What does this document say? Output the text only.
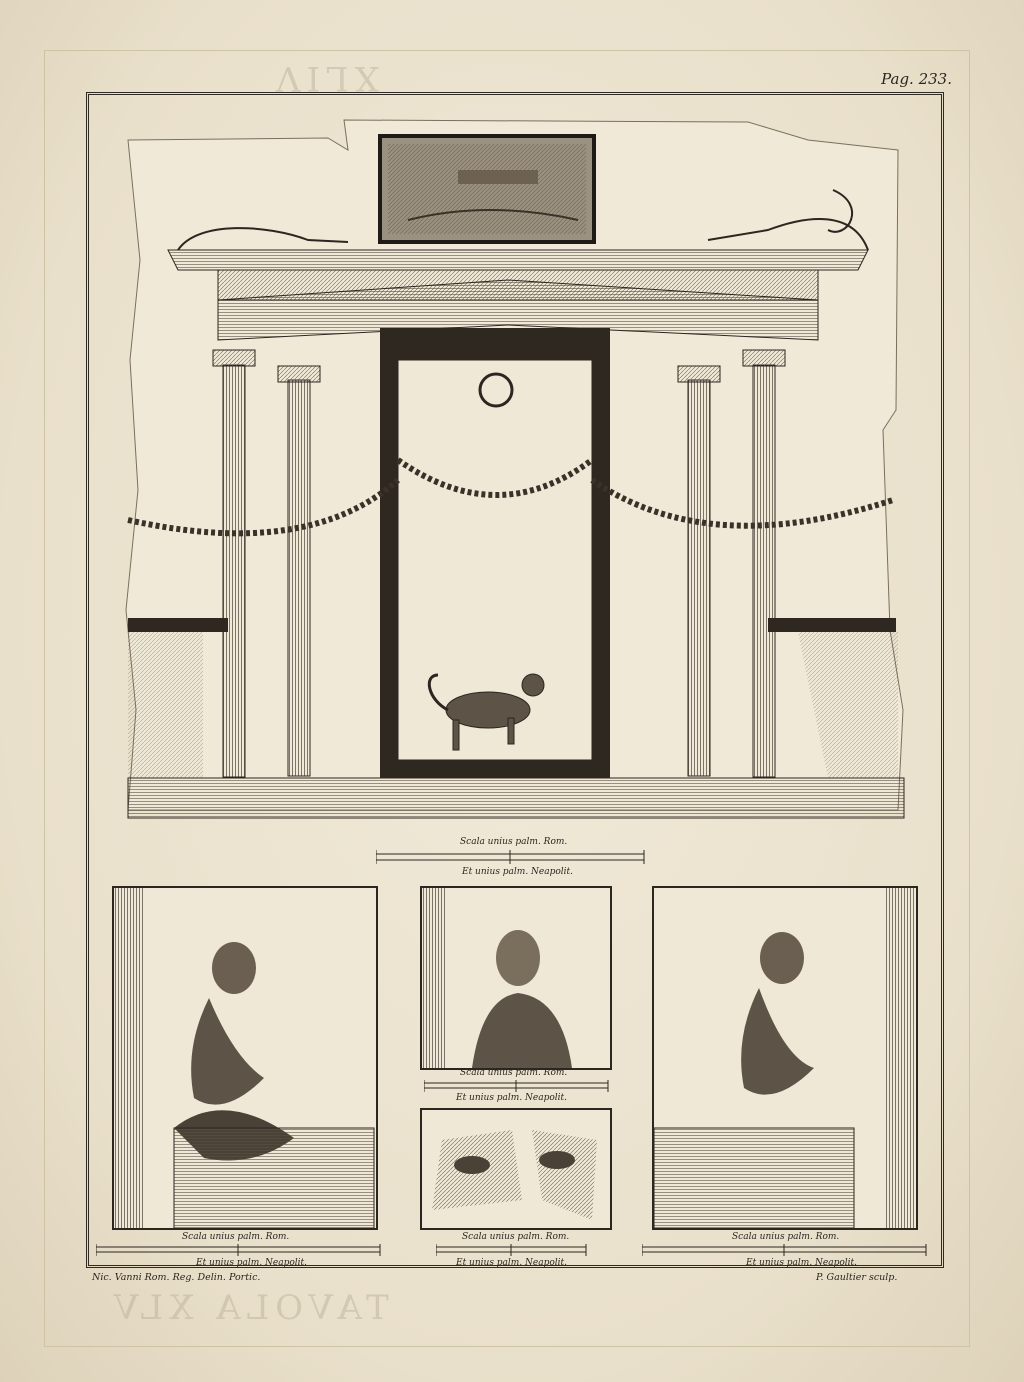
XLIV
TAVOLA XLV
Pag. 233.
Scala unius palm. Rom.
Et unius palm. Neapolit.
Scala unius palm. Rom.
Et unius palm. Neapolit.
Scala unius palm. Rom.
Et unius palm. Neapolit.
Scala unius palm. Rom.
Et unius palm. Neapolit.
Scala unius palm. Rom.
Et unius palm. Neapolit.
Nic. Vanni Rom. Reg. Delin. Portic.	P. Gaultier sculp.
